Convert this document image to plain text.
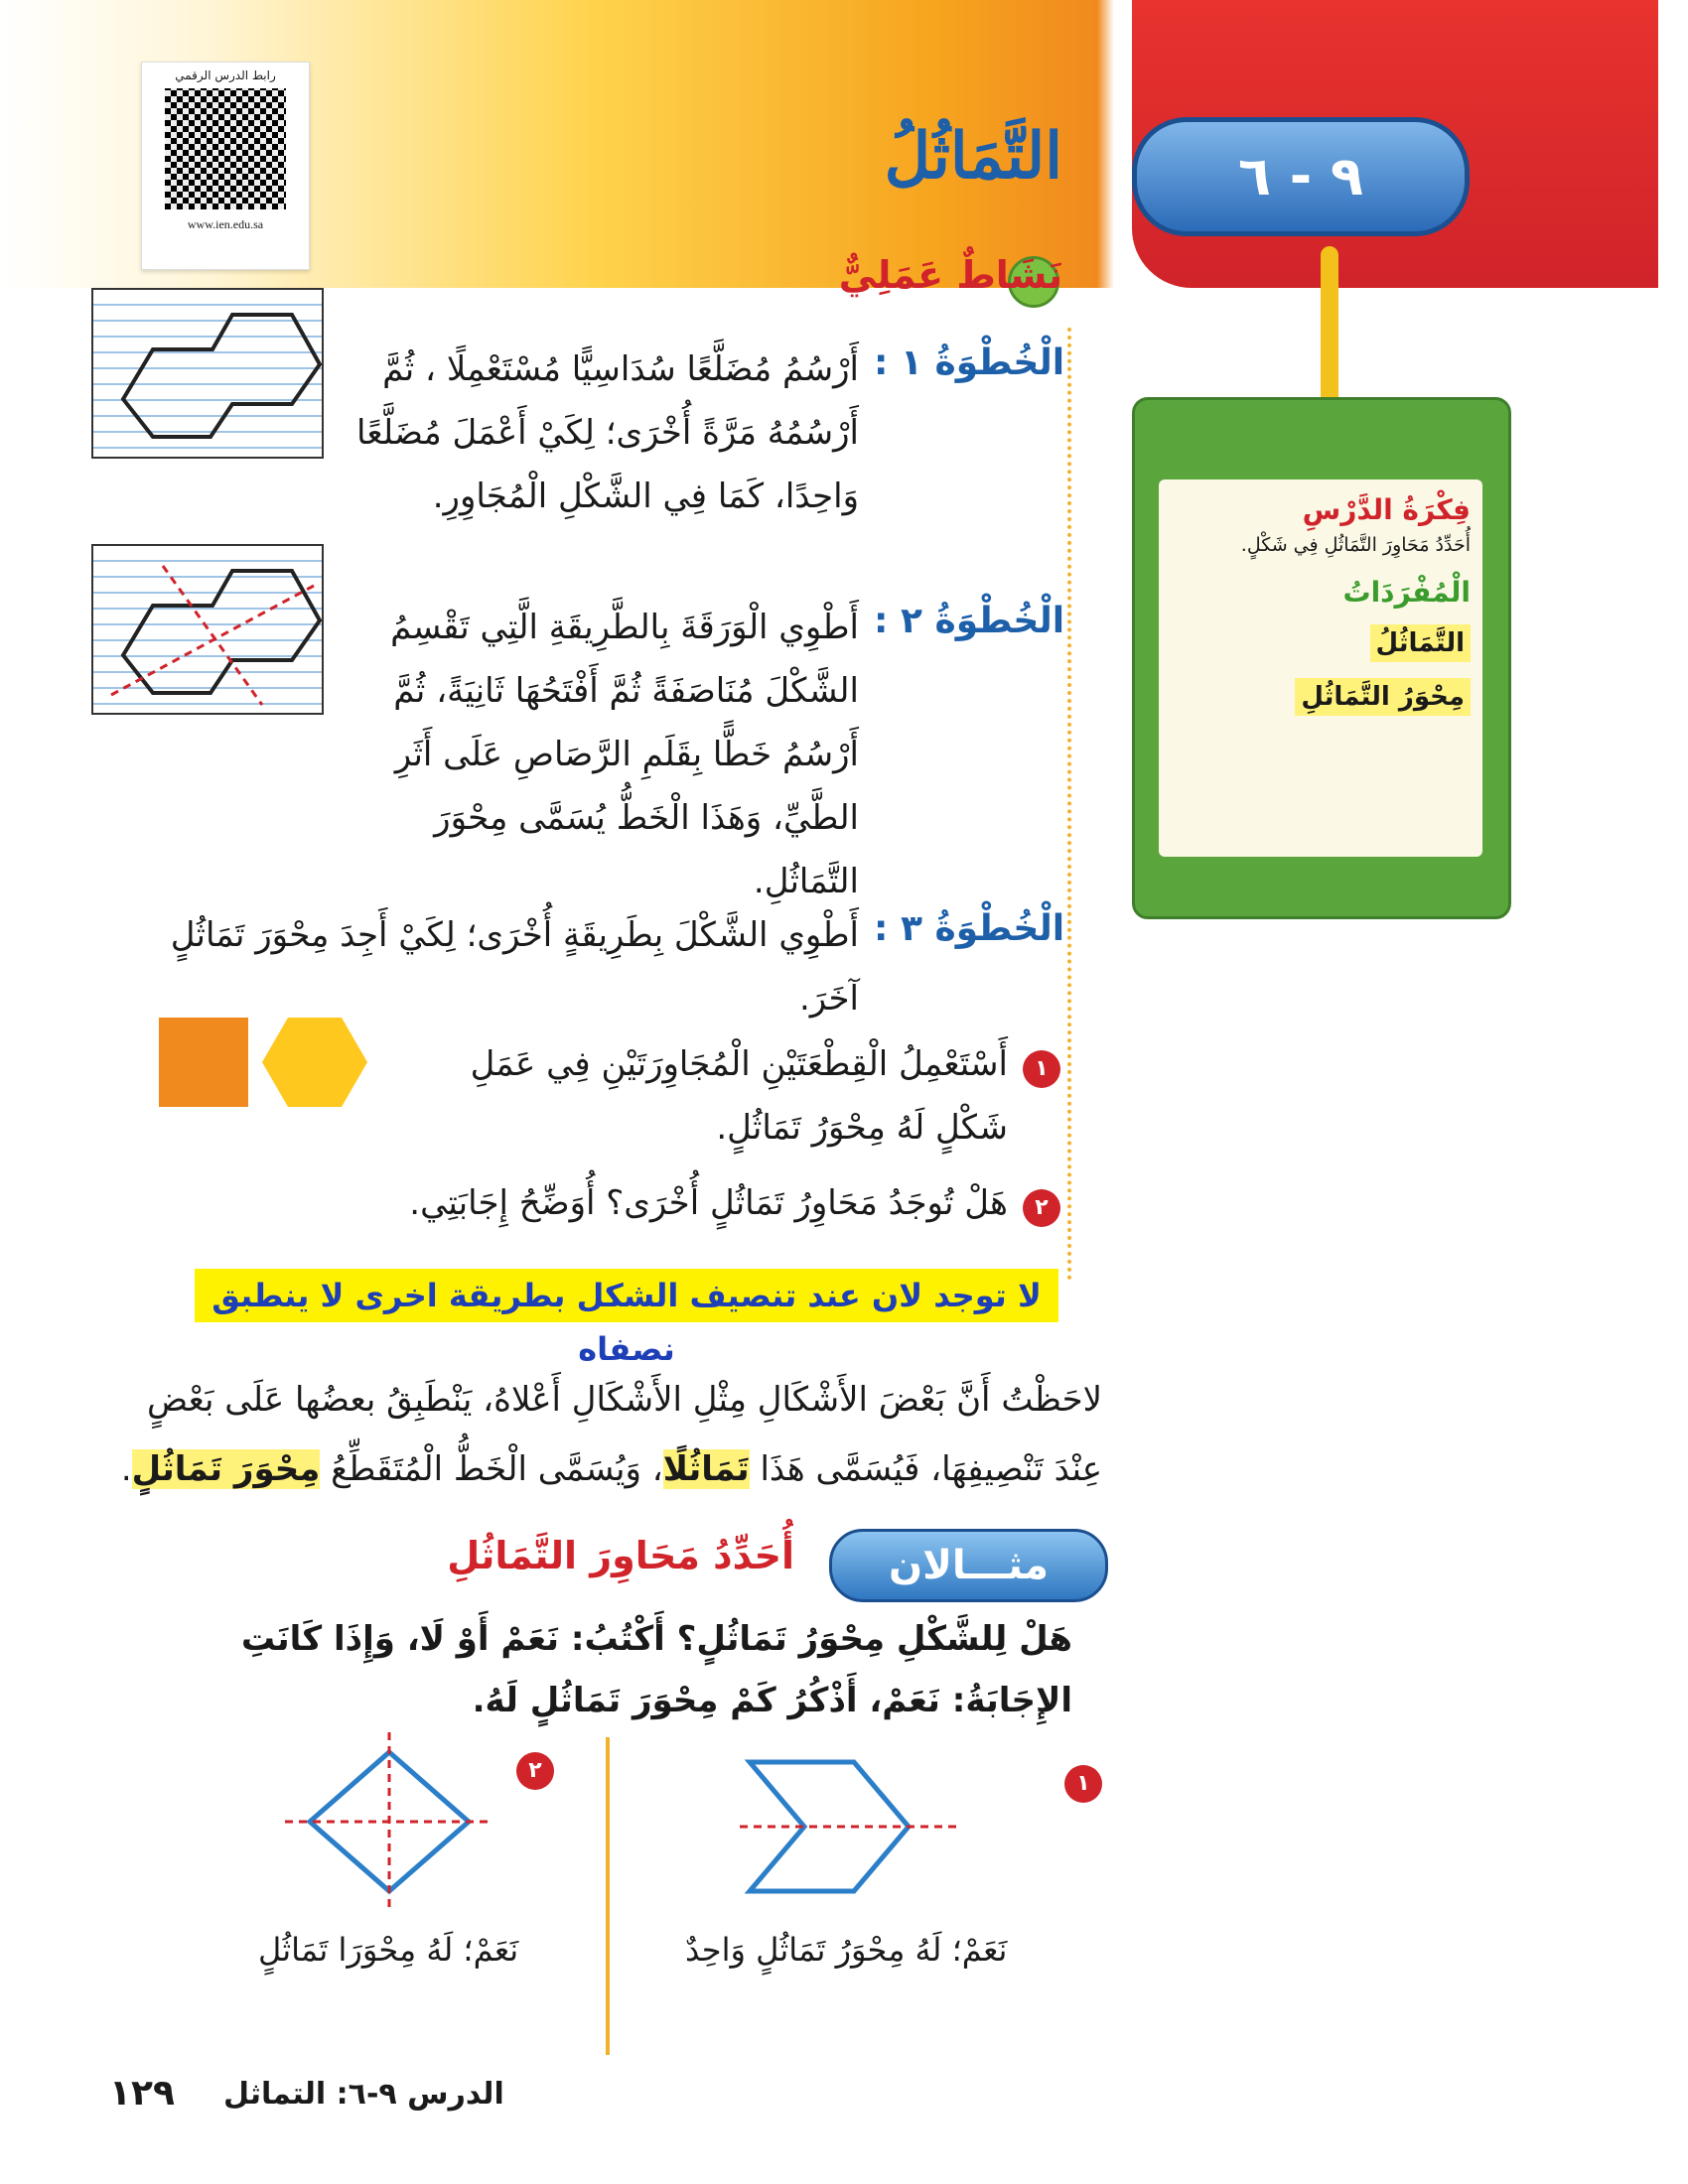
رابط الدرس الرقمي
www.ien.edu.sa
٩ - ٦
التَّمَاثُلُ
فِكْرَةُ الدَّرْسِ
أُحَدِّدُ مَحَاوِرَ التَّمَاثُلِ فِي شَكْلٍ.
الْمُفْرَدَاتُ
التَّمَاثُلُ
مِحْوَرُ التَّمَاثُلِ
نَشَاطٌ عَمَلِيٌّ
الْخُطْوَةُ ١ :
أَرْسُمُ مُضَلَّعًا سُدَاسِيًّا مُسْتَعْمِلًا ، ثُمَّ أَرْسُمُهُ مَرَّةً أُخْرَى؛ لِكَيْ أَعْمَلَ مُضَلَّعًا وَاحِدًا، كَمَا فِي الشَّكْلِ الْمُجَاوِرِ.
الْخُطْوَةُ ٢ :
أَطْوِي الْوَرَقَةَ بِالطَّرِيقَةِ الَّتِي تَقْسِمُ الشَّكْلَ مُنَاصَفَةً ثُمَّ أَفْتَحُهَا ثَانِيَةً، ثُمَّ أَرْسُمُ خَطًّا بِقَلَمِ الرَّصَاصِ عَلَى أَثَرِ الطَّيِّ، وَهَذَا الْخَطُّ يُسَمَّى مِحْوَرَ التَّمَاثُلِ.
الْخُطْوَةُ ٣ :
أَطْوِي الشَّكْلَ بِطَرِيقَةٍ أُخْرَى؛ لِكَيْ أَجِدَ مِحْوَرَ تَمَاثُلٍ آخَرَ.
١
أَسْتَعْمِلُ الْقِطْعَتَيْنِ الْمُجَاوِرَتَيْنِ فِي عَمَلِ شَكْلٍ لَهُ مِحْوَرُ تَمَاثُلٍ.
٢
هَلْ تُوجَدُ مَحَاوِرُ تَمَاثُلٍ أُخْرَى؟ أُوَضِّحُ إِجَابَتِي.
لا توجد لان عند تنصيف الشكل بطريقة اخرى لا ينطبق نصفاه
لاحَظْتُ أَنَّ بَعْضَ الأَشْكَالِ مِثْلِ الأَشْكَالِ أَعْلاهُ، يَنْطَبِقُ بعضُها عَلَى بَعْضٍ عِنْدَ تَنْصِيفِهَا، فَيُسَمَّى هَذَا تَمَاثُلًا، وَيُسَمَّى الْخَطُّ الْمُتَقَطِّعُ مِحْوَرَ تَمَاثُلٍ.
مثـــالان
أُحَدِّدُ مَحَاوِرَ التَّمَاثُلِ
هَلْ لِلشَّكْلِ مِحْوَرُ تَمَاثُلٍ؟ أَكْتُبُ: نَعَمْ أَوْ لَا، وَإِذَا كَانَتِ الإِجَابَةُ: نَعَمْ، أَذْكُرُ كَمْ مِحْوَرَ تَمَاثُلٍ لَهُ.
١
نَعَمْ؛ لَهُ مِحْوَرُ تَمَاثُلٍ وَاحِدٌ
٢
نَعَمْ؛ لَهُ مِحْوَرَا تَمَاثُلٍ
الدرس ٩-٦: التماثل
١٢٩
